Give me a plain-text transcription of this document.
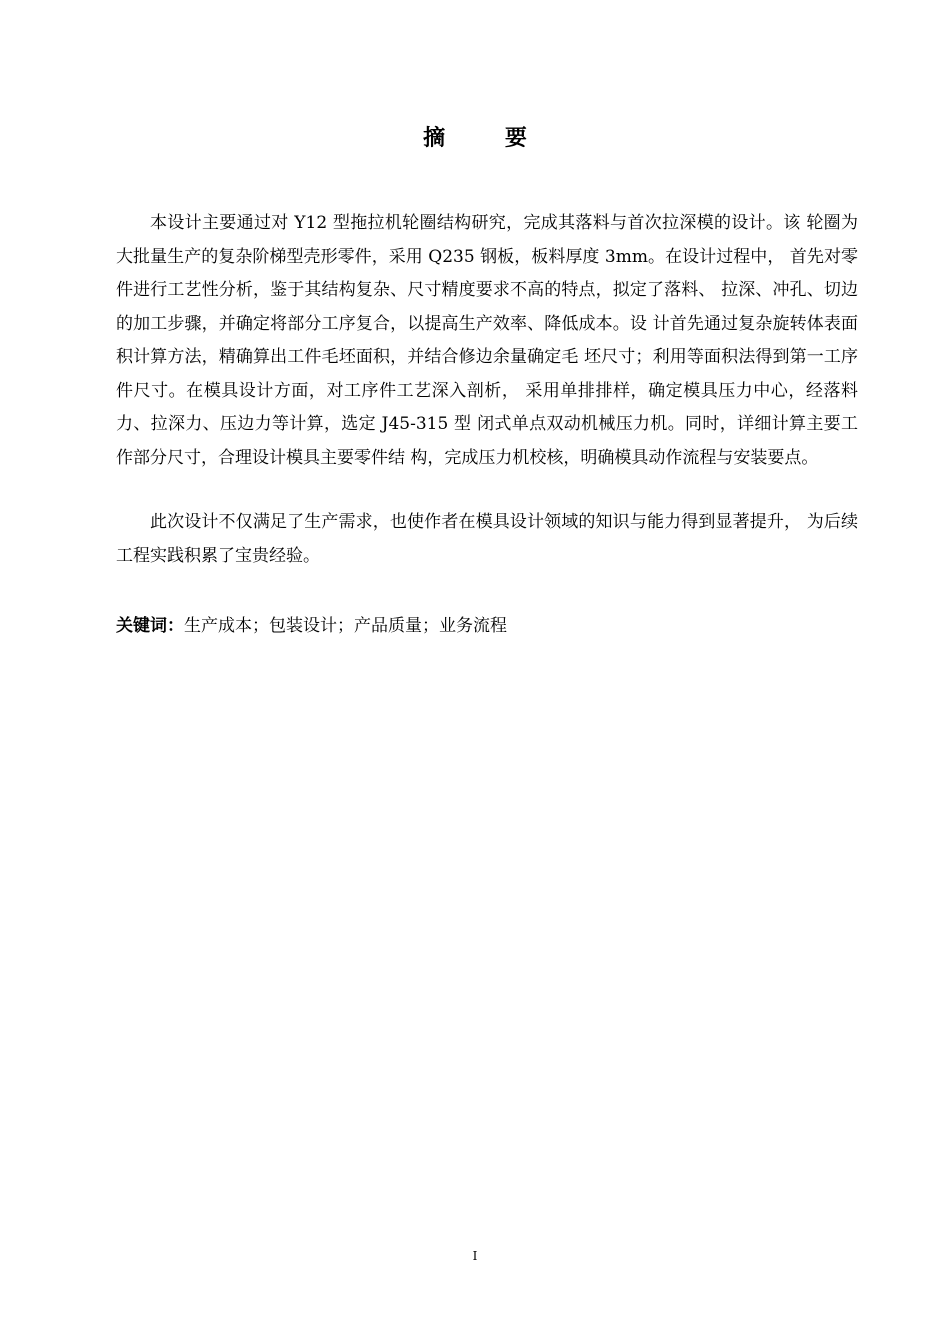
摘 要

本设计主要通过对 Y12 型拖拉机轮圈结构研究，完成其落料与首次拉深模的设计。该 轮圈为大批量生产的复杂阶梯型壳形零件，采用 Q235 钢板，板料厚度 3mm。在设计过程中， 首先对零件进行工艺性分析，鉴于其结构复杂、尺寸精度要求不高的特点，拟定了落料、 拉深、冲孔、切边的加工步骤，并确定将部分工序复合，以提高生产效率、降低成本。设 计首先通过复杂旋转体表面积计算方法，精确算出工件毛坯面积，并结合修边余量确定毛 坯尺寸；利用等面积法得到第一工序件尺寸。在模具设计方面，对工序件工艺深入剖析， 采用单排排样，确定模具压力中心，经落料力、拉深力、压边力等计算，选定 J45-315 型 闭式单点双动机械压力机。同时，详细计算主要工作部分尺寸，合理设计模具主要零件结 构，完成压力机校核，明确模具动作流程与安装要点。

此次设计不仅满足了生产需求，也使作者在模具设计领域的知识与能力得到显著提升， 为后续工程实践积累了宝贵经验。

关键词：生产成本；包装设计；产品质量；业务流程
I
